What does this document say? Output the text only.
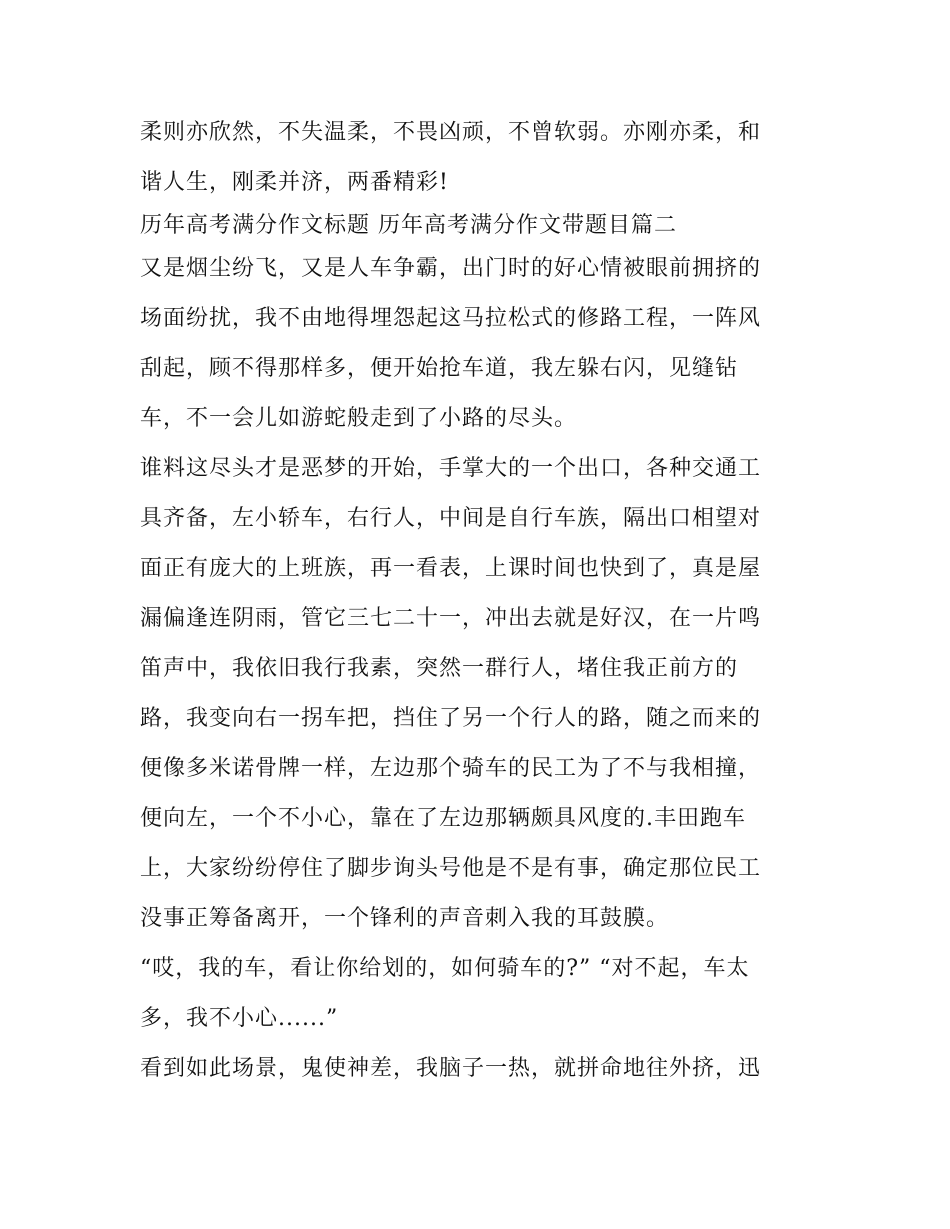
柔则亦欣然，不失温柔，不畏凶顽，不曾软弱。亦刚亦柔，和
谐人生，刚柔并济，两番精彩!
历年高考满分作文标题 历年高考满分作文带题目篇二
又是烟尘纷飞，又是人车争霸，出门时的好心情被眼前拥挤的
场面纷扰，我不由地得埋怨起这马拉松式的修路工程，一阵风
刮起，顾不得那样多，便开始抢车道，我左躲右闪，见缝钻
车，不一会儿如游蛇般走到了小路的尽头。
谁料这尽头才是恶梦的开始，手掌大的一个出口，各种交通工
具齐备，左小轿车，右行人，中间是自行车族，隔出口相望对
面正有庞大的上班族，再一看表，上课时间也快到了，真是屋
漏偏逢连阴雨，管它三七二十一，冲出去就是好汉，在一片鸣
笛声中，我依旧我行我素，突然一群行人，堵住我正前方的
路，我变向右一拐车把，挡住了另一个行人的路，随之而来的
便像多米诺骨牌一样，左边那个骑车的民工为了不与我相撞，
便向左，一个不小心，靠在了左边那辆颇具风度的.丰田跑车
上，大家纷纷停住了脚步询头号他是不是有事，确定那位民工
没事正筹备离开，一个锋利的声音刺入我的耳鼓膜。
“哎，我的车，看让你给划的，如何骑车的?” “对不起，车太
多，我不小心......”
看到如此场景，鬼使神差，我脑子一热，就拼命地往外挤，迅
